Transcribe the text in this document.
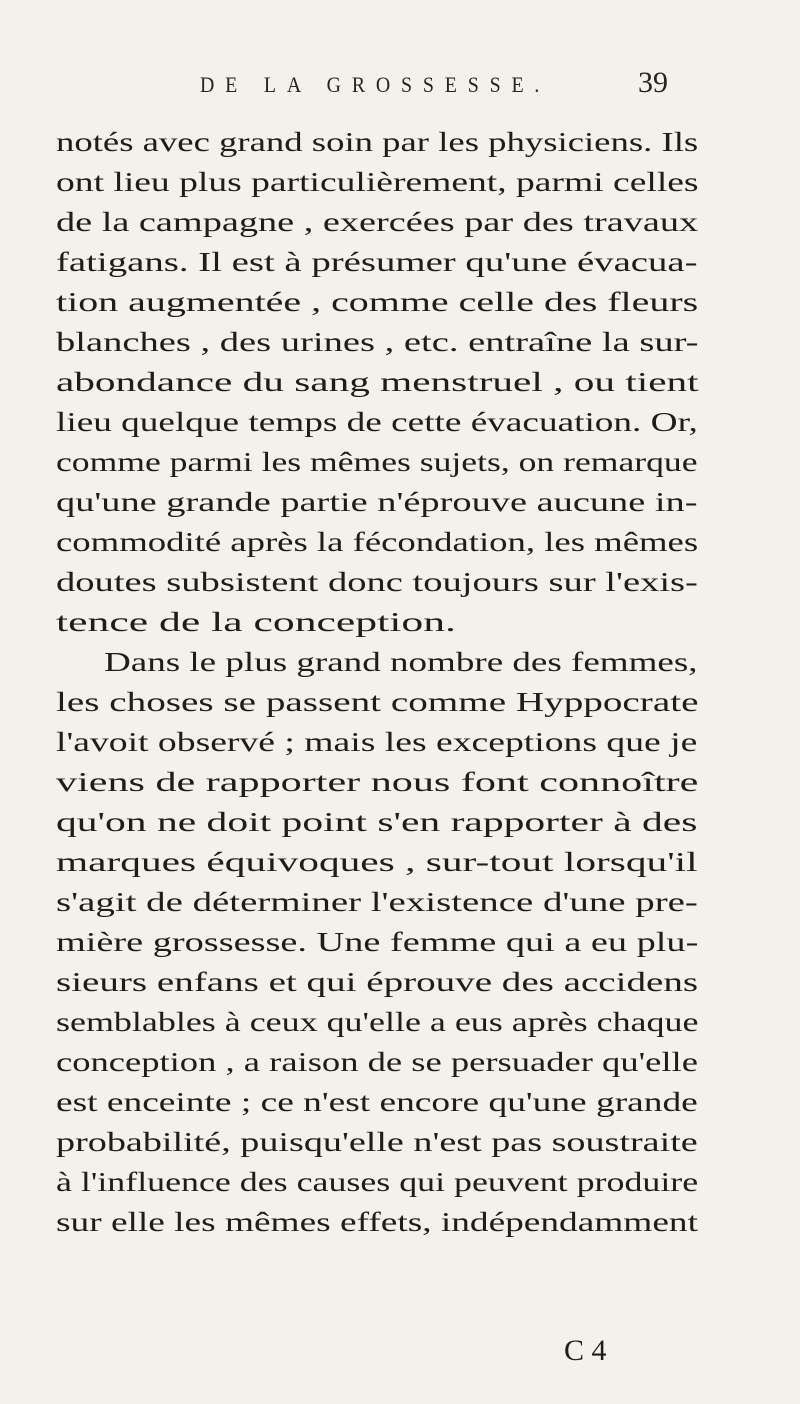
DE LA GROSSESSE.	39
notés avec grand soin par les physiciens. Ils
ont lieu plus particulièrement, parmi celles
de la campagne , exercées par des travaux
fatigans. Il est à présumer qu'une évacua-
tion augmentée , comme celle des fleurs
blanches , des urines , etc. entraîne la sur-
abondance du sang menstruel , ou tient
lieu quelque temps de cette évacuation. Or,
comme parmi les mêmes sujets, on remarque
qu'une grande partie n'éprouve aucune in-
commodité après la fécondation, les mêmes
doutes subsistent donc toujours sur l'exis-
tence de la conception.
Dans le plus grand nombre des femmes,
les choses se passent comme Hyppocrate
l'avoit observé ; mais les exceptions que je
viens de rapporter nous font connoître
qu'on ne doit point s'en rapporter à des
marques équivoques , sur-tout lorsqu'il
s'agit de déterminer l'existence d'une pre-
mière grossesse. Une femme qui a eu plu-
sieurs enfans et qui éprouve des accidens
semblables à ceux qu'elle a eus après chaque
conception , a raison de se persuader qu'elle
est enceinte ; ce n'est encore qu'une grande
probabilité, puisqu'elle n'est pas soustraite
à l'influence des causes qui peuvent produire
sur elle les mêmes effets, indépendamment
C 4
